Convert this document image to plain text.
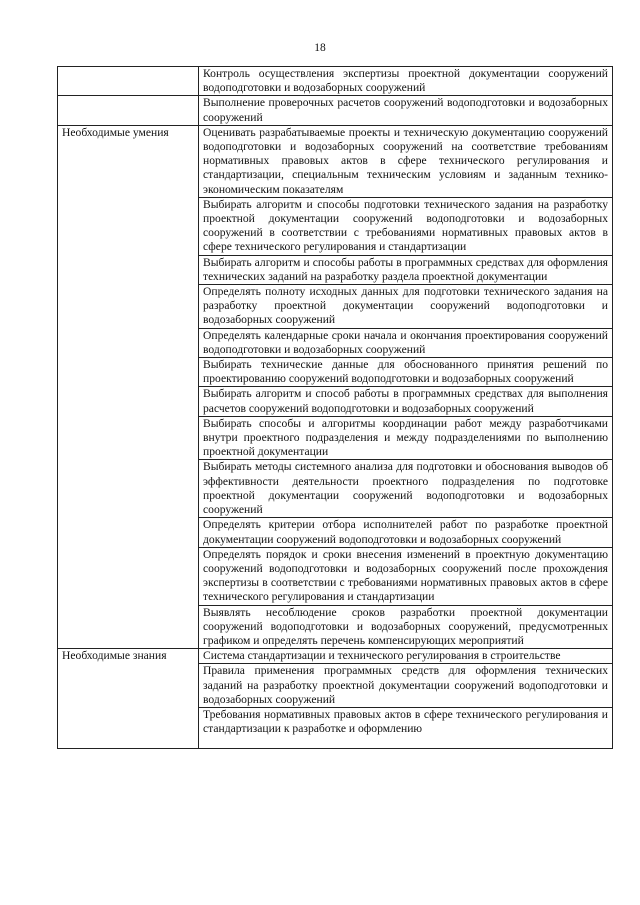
18
	Контроль осуществления экспертизы проектной документации сооружений водоподготовки и водозаборных сооружений
	Выполнение проверочных расчетов сооружений водоподготовки и водозаборных сооружений
Необходимые умения	Оценивать разрабатываемые проекты и техническую документацию сооружений водоподготовки и водозаборных сооружений на соответствие требованиям нормативных правовых актов в сфере технического регулирования и стандартизации, специальным техническим условиям и заданным технико-экономическим показателям
	Выбирать алгоритм и способы подготовки технического задания на разработку проектной документации сооружений водоподготовки и водозаборных сооружений в соответствии с требованиями нормативных правовых актов в сфере технического регулирования и стандартизации
	Выбирать алгоритм и способы работы в программных средствах для оформления технических заданий на разработку раздела проектной документации
	Определять полноту исходных данных для подготовки технического задания на разработку проектной документации сооружений водоподготовки и водозаборных сооружений
	Определять календарные сроки начала и окончания проектирования сооружений водоподготовки и водозаборных сооружений
	Выбирать технические данные для обоснованного принятия решений по проектированию сооружений водоподготовки и водозаборных сооружений
	Выбирать алгоритм и способ работы в программных средствах для выполнения расчетов сооружений водоподготовки и водозаборных сооружений
	Выбирать способы и алгоритмы координации работ между разработчиками внутри проектного подразделения и между подразделениями по выполнению проектной документации
	Выбирать методы системного анализа для подготовки и обоснования выводов об эффективности деятельности проектного подразделения по подготовке проектной документации сооружений водоподготовки и водозаборных сооружений
	Определять критерии отбора исполнителей работ по разработке проектной документации сооружений водоподготовки и водозаборных сооружений
	Определять порядок и сроки внесения изменений в проектную документацию сооружений водоподготовки и водозаборных сооружений после прохождения экспертизы в соответствии с требованиями нормативных правовых актов в сфере технического регулирования и стандартизации
	Выявлять несоблюдение сроков разработки проектной документации сооружений водоподготовки и водозаборных сооружений, предусмотренных графиком и определять перечень компенсирующих мероприятий
Необходимые знания	Система стандартизации и технического регулирования в строительстве
	Правила применения программных средств для оформления технических заданий на разработку проектной документации сооружений водоподготовки и водозаборных сооружений

	Требования нормативных правовых актов в сфере технического регулирования и стандартизации к разработке и оформлению
